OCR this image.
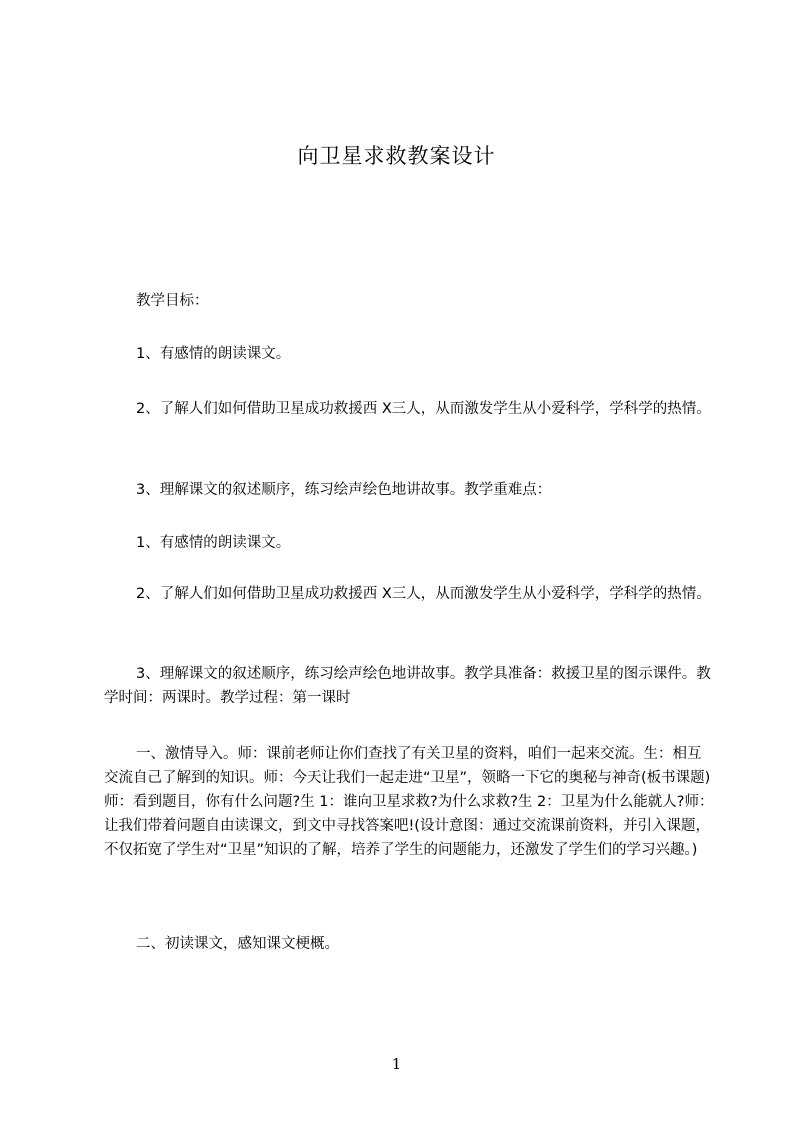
向卫星求救教案设计

教学目标：

1、有感情的朗读课文。

2、了解人们如何借助卫星成功救援西 X三人，从而激发学生从小爱科学，学科学的热情。

3、理解课文的叙述顺序，练习绘声绘色地讲故事。教学重难点：

1、有感情的朗读课文。

2、了解人们如何借助卫星成功救援西 X三人，从而激发学生从小爱科学，学科学的热情。

3、理解课文的叙述顺序，练习绘声绘色地讲故事。教学具准备：救援卫星的图示课件。教学时间：两课时。教学过程：第一课时

一、激情导入。师：课前老师让你们查找了有关卫星的资料，咱们一起来交流。生：相互交流自己了解到的知识。师：今天让我们一起走进“卫星”，领略一下它的奥秘与神奇(板书课题)师：看到题目，你有什么问题?生 1：谁向卫星求救?为什么求救?生 2：卫星为什么能就人?师：让我们带着问题自由读课文，到文中寻找答案吧!(设计意图：通过交流课前资料，并引入课题，不仅拓宽了学生对“卫星”知识的了解，培养了学生的问题能力，还激发了学生们的学习兴趣。)

二、初读课文，感知课文梗概。

1
